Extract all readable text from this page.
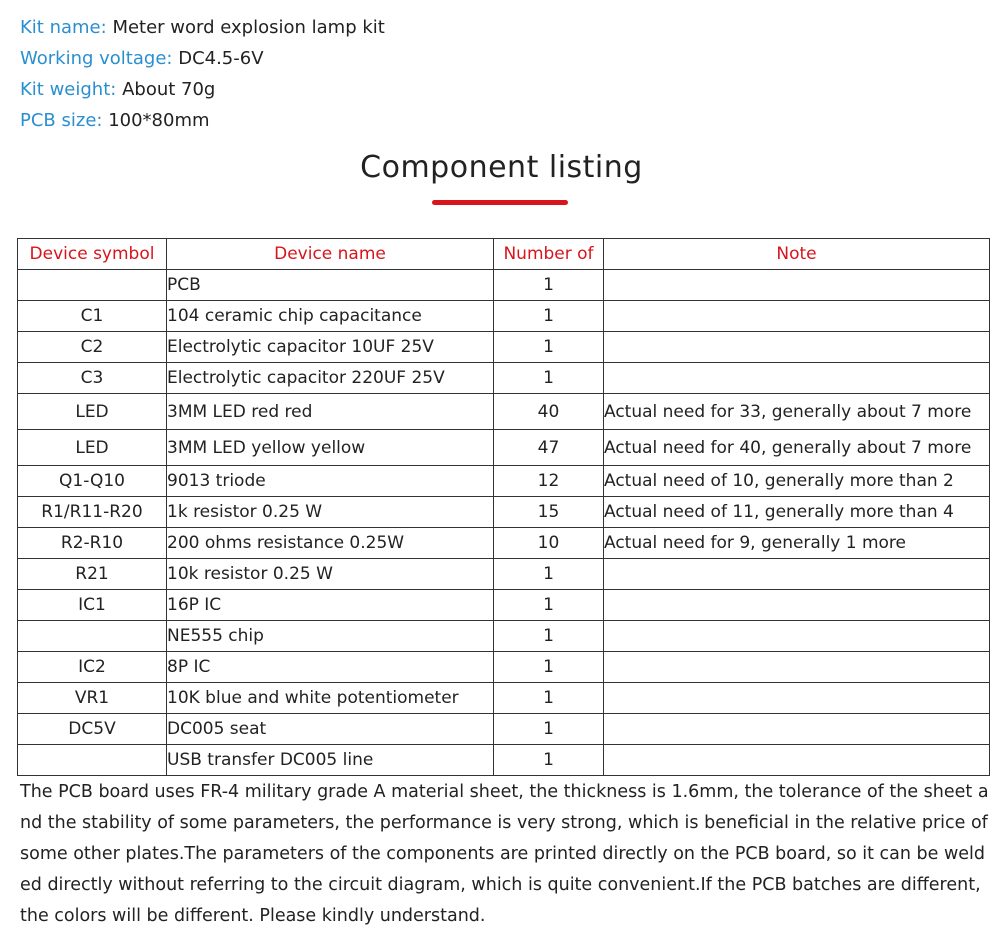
Kit name: Meter word explosion lamp kit
Working voltage: DC4.5-6V
Kit weight: About 70g
PCB size: 100*80mm
Component listing
Device symbol	Device name	Number of	Note
	PCB	1	
C1	104 ceramic chip capacitance	1	
C2	Electrolytic capacitor 10UF 25V	1	
C3	Electrolytic capacitor 220UF 25V	1	
LED	3MM LED red red	40	Actual need for 33, generally about 7 more
LED	3MM LED yellow yellow	47	Actual need for 40, generally about 7 more
Q1-Q10	9013 triode	12	Actual need of 10, generally more than 2
R1/R11-R20	1k resistor 0.25 W	15	Actual need of 11, generally more than 4
R2-R10	200 ohms resistance 0.25W	10	Actual need for 9, generally 1 more
R21	10k resistor 0.25 W	1	
IC1	16P IC	1	
	NE555 chip	1	
IC2	8P IC	1	
VR1	10K blue and white potentiometer	1	
DC5V	DC005 seat	1	
	USB transfer DC005 line	1	
The PCB board uses FR-4 military grade A material sheet, the thickness is 1.6mm, the tolerance of the sheet and the stability of some parameters, the performance is very strong, which is beneficial in the relative price of some other plates.The parameters of the components are printed directly on the PCB board, so it can be welded directly without referring to the circuit diagram, which is quite convenient.If the PCB batches are different, the colors will be different. Please kindly understand.
